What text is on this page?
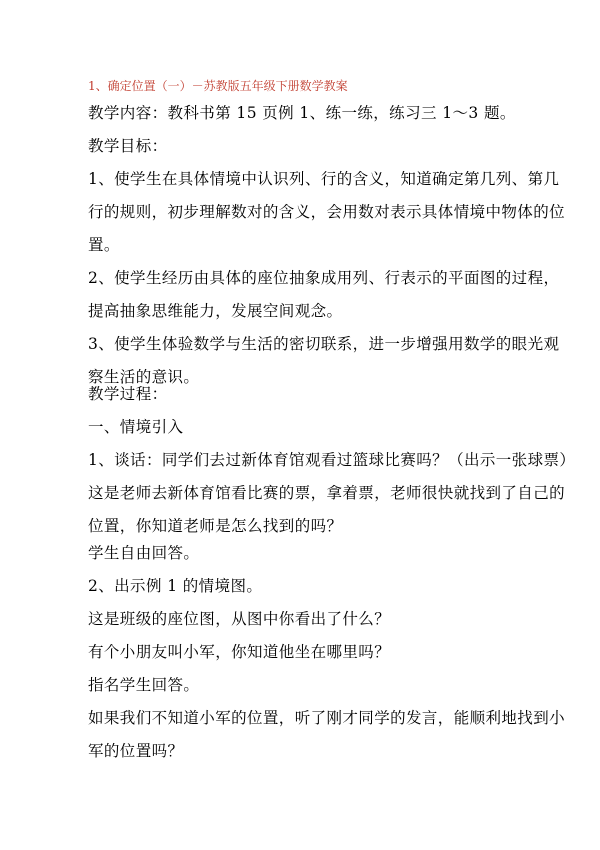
1、确定位置（一）－苏教版五年级下册数学教案
教学内容：教科书第 15 页例 1、练一练，练习三 1～3 题。
教学目标：
1、使学生在具体情境中认识列、行的含义，知道确定第几列、第几
行的规则，初步理解数对的含义，会用数对表示具体情境中物体的位
置。
2、使学生经历由具体的座位抽象成用列、行表示的平面图的过程，
提高抽象思维能力，发展空间观念。
3、使学生体验数学与生活的密切联系，进一步增强用数学的眼光观
察生活的意识。
教学过程：
一、情境引入
1、谈话：同学们去过新体育馆观看过篮球比赛吗？（出示一张球票）
这是老师去新体育馆看比赛的票，拿着票，老师很快就找到了自己的
位置，你知道老师是怎么找到的吗？
学生自由回答。
2、出示例 1 的情境图。
这是班级的座位图，从图中你看出了什么？
有个小朋友叫小军，你知道他坐在哪里吗？
指名学生回答。
如果我们不知道小军的位置，听了刚才同学的发言，能顺利地找到小
军的位置吗？
